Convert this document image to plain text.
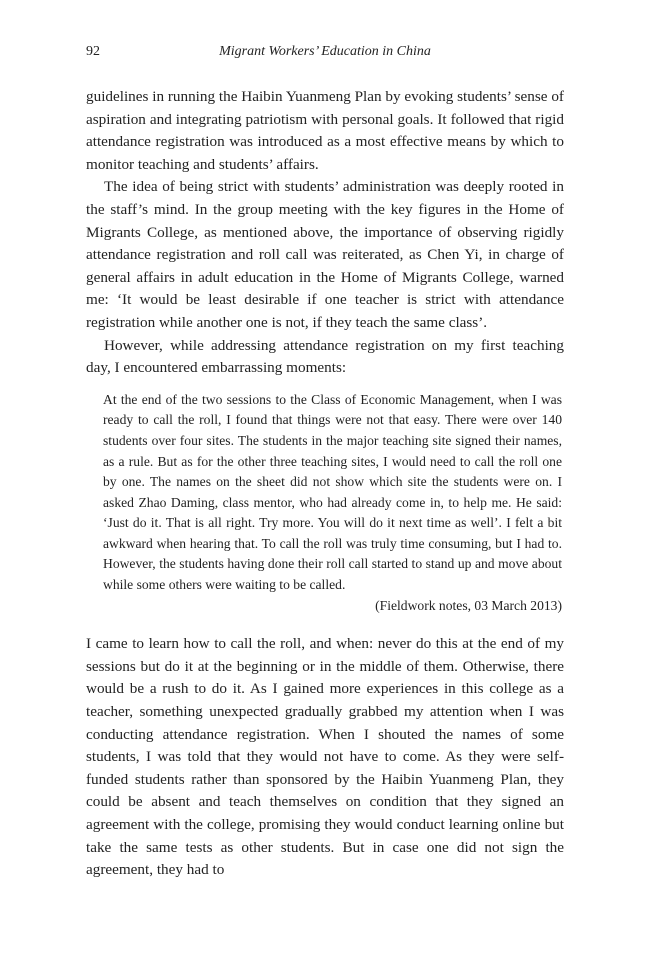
92	Migrant Workers’ Education in China

guidelines in running the Haibin Yuanmeng Plan by evoking students’ sense of aspiration and integrating patriotism with personal goals. It followed that rigid attendance registration was introduced as a most effective means by which to monitor teaching and students’ affairs.

The idea of being strict with students’ administration was deeply rooted in the staff’s mind. In the group meeting with the key figures in the Home of Migrants College, as mentioned above, the importance of observing rigidly attendance registration and roll call was reiterated, as Chen Yi, in charge of general affairs in adult education in the Home of Migrants College, warned me: ‘It would be least desirable if one teacher is strict with attendance registration while another one is not, if they teach the same class’.

However, while addressing attendance registration on my first teaching day, I encountered embarrassing moments:

At the end of the two sessions to the Class of Economic Management, when I was ready to call the roll, I found that things were not that easy. There were over 140 students over four sites. The students in the major teaching site signed their names, as a rule. But as for the other three teaching sites, I would need to call the roll one by one. The names on the sheet did not show which site the students were on. I asked Zhao Daming, class mentor, who had already come in, to help me. He said: ‘Just do it. That is all right. Try more. You will do it next time as well’. I felt a bit awkward when hearing that. To call the roll was truly time consuming, but I had to. However, the students having done their roll call started to stand up and move about while some others were waiting to be called.
(Fieldwork notes, 03 March 2013)

I came to learn how to call the roll, and when: never do this at the end of my sessions but do it at the beginning or in the middle of them. Otherwise, there would be a rush to do it. As I gained more experiences in this college as a teacher, something unexpected gradually grabbed my attention when I was conducting attendance registration. When I shouted the names of some students, I was told that they would not have to come. As they were self-funded students rather than sponsored by the Haibin Yuanmeng Plan, they could be absent and teach themselves on condition that they signed an agreement with the college, promising they would conduct learning online but take the same tests as other students. But in case one did not sign the agreement, they had to
